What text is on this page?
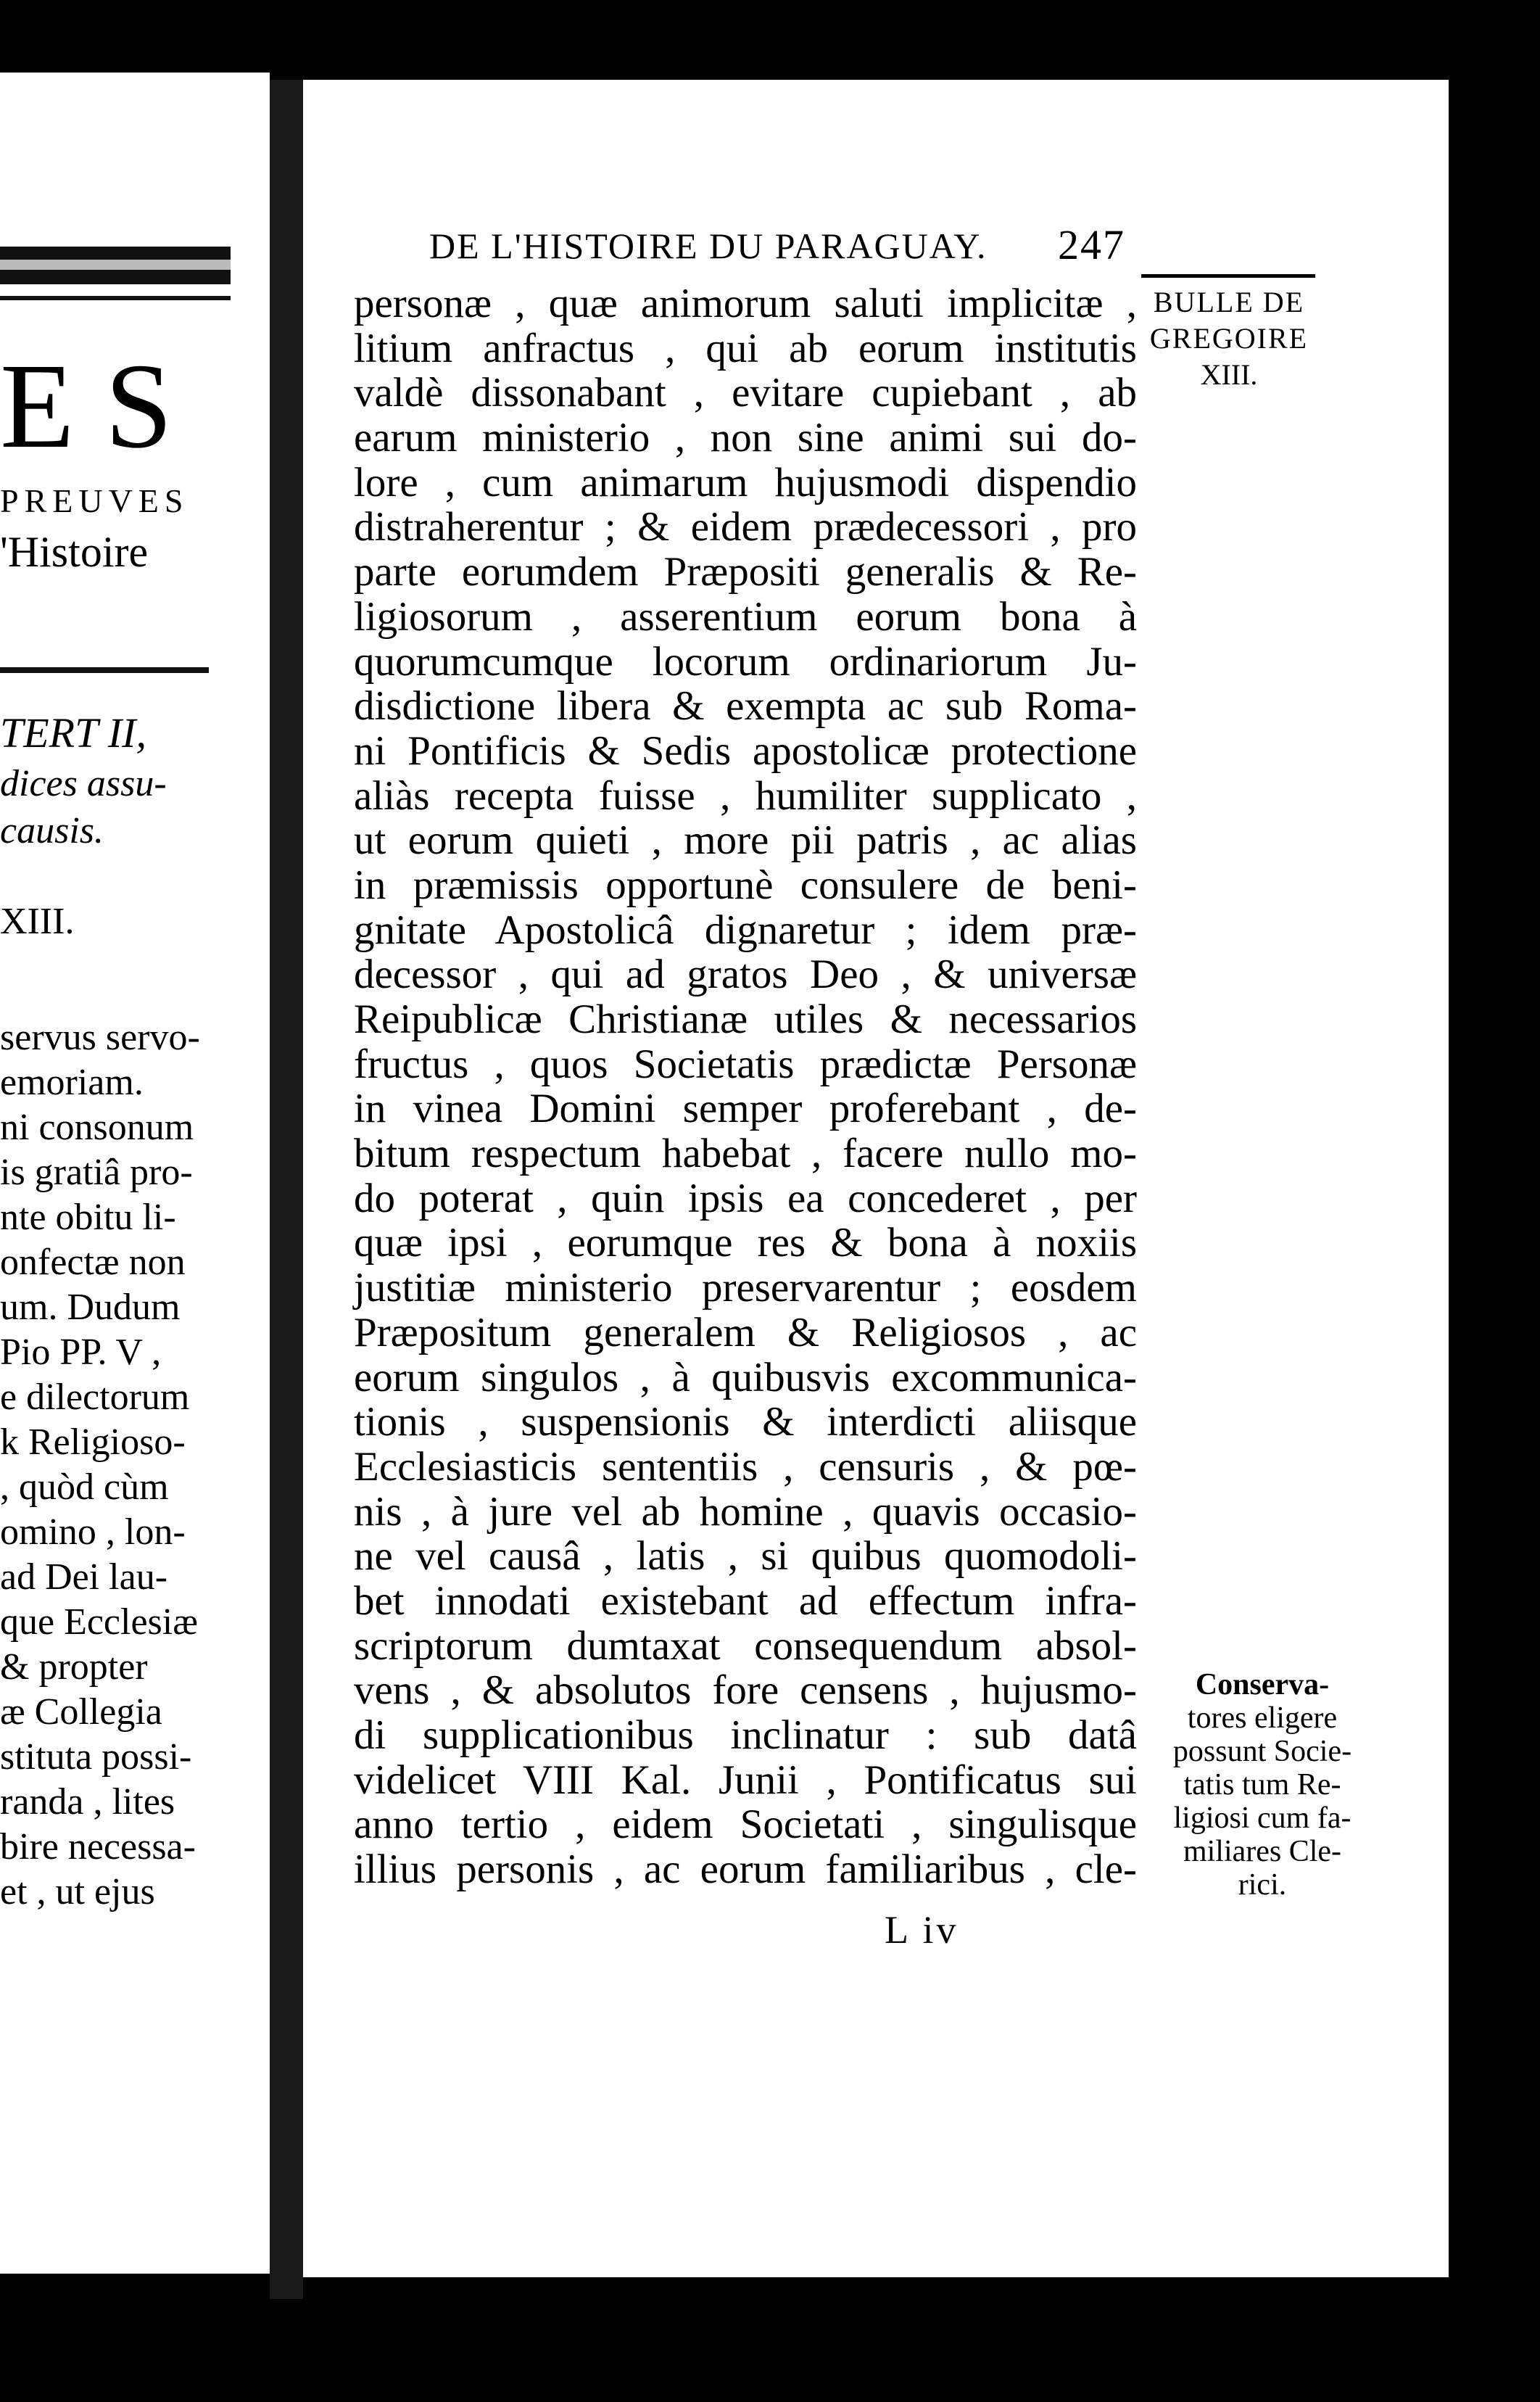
E S
PREUVES
'Histoire
TERT II,
dices assu-
causis.
XIII.
servus servo-
emoriam.
ni consonum
is gratiâ pro-
nte obitu li-
onfectæ non
um. Dudum
Pio PP. V ,
e dilectorum
k Religioso-
, quòd cùm
omino , lon-
ad Dei lau-
que Ecclesiæ
& propter
æ Collegia
stituta possi-
randa , lites
bire necessa-
et , ut ejus
DE L'HISTOIRE DU PARAGUAY. 247
personæ , quæ animorum saluti implicitæ ,
litium anfractus , qui ab eorum institutis
valdè dissonabant , evitare cupiebant , ab
earum ministerio , non sine animi sui do-
lore , cum animarum hujusmodi dispendio
distraherentur ; & eidem prædecessori , pro
parte eorumdem Præpositi generalis & Re-
ligiosorum , asserentium eorum bona à
quorumcumque locorum ordinariorum Ju-
disdictione libera & exempta ac sub Roma-
ni Pontificis & Sedis apostolicæ protectione
aliàs recepta fuisse , humiliter supplicato ,
ut eorum quieti , more pii patris , ac alias
in præmissis opportunè consulere de beni-
gnitate Apostolicâ dignaretur ; idem præ-
decessor , qui ad gratos Deo , & universæ
Reipublicæ Christianæ utiles & necessarios
fructus , quos Societatis prædictæ Personæ
in vinea Domini semper proferebant , de-
bitum respectum habebat , facere nullo mo-
do poterat , quin ipsis ea concederet , per
quæ ipsi , eorumque res & bona à noxiis
justitiæ ministerio preservarentur ; eosdem
Præpositum generalem & Religiosos , ac
eorum singulos , à quibusvis excommunica-
tionis , suspensionis & interdicti aliisque
Ecclesiasticis sententiis , censuris , & pœ-
nis , à jure vel ab homine , quavis occasio-
ne vel causâ , latis , si quibus quomodoli-
bet innodati existebant ad effectum infra-
scriptorum dumtaxat consequendum absol-
vens , & absolutos fore censens , hujusmo-
di supplicationibus inclinatur : sub datâ
videlicet VIII Kal. Junii , Pontificatus sui
anno tertio , eidem Societati , singulisque
illius personis , ac eorum familiaribus , cle-
BULLE DE
GREGOIRE
XIII.
Conserva-
tores eligere
possunt Socie-
tatis tum Re-
ligiosi cum fa-
miliares Cle-
rici.
L iv
